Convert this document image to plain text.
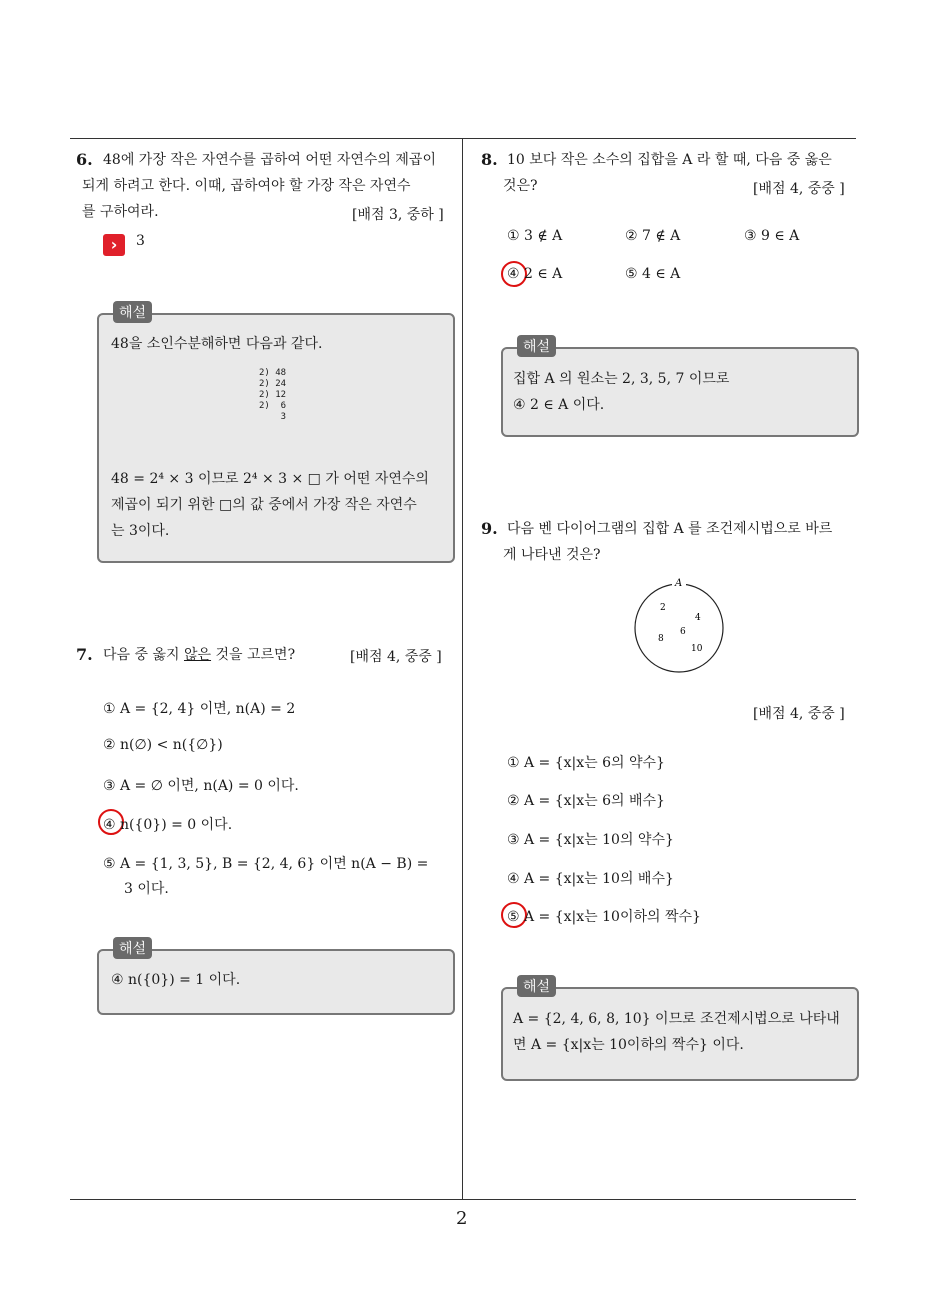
6. 48에 가장 작은 자연수를 곱하여 어떤 자연수의 제곱이
되게 하려고 한다. 이때, 곱하여야 할 가장 작은 자연수
를 구하여라.	[배점 3, 중하 ]
›	3
해설
48을 소인수분해하면 다음과 같다.
2) 48
2) 24
2) 12
2)  6
3
48 = 2⁴ × 3 이므로 2⁴ × 3 × □ 가 어떤 자연수의
제곱이 되기 위한 □의 값 중에서 가장 작은 자연수
는 3이다.
7. 다음 중 옳지 않은 것을 고르면?	[배점 4, 중중 ]
① A = {2, 4} 이면, n(A) = 2
② n(∅) < n({∅})
③ A = ∅ 이면, n(A) = 0 이다.
④ n({0}) = 0 이다.
⑤ A = {1, 3, 5}, B = {2, 4, 6} 이면 n(A − B) =
3 이다.
해설
④ n({0}) = 1 이다.
8. 10 보다 작은 소수의 집합을 A 라 할 때, 다음 중 옳은
것은?	[배점 4, 중중 ]
① 3 ∉ A	② 7 ∉ A	③ 9 ∈ A
④ 2 ∈ A	⑤ 4 ∈ A
해설
집합 A 의 원소는 2, 3, 5, 7 이므로
④ 2 ∈ A 이다.
9. 다음 벤 다이어그램의 집합 A 를 조건제시법으로 바르
게 나타낸 것은?
A
2
4
6
8
10
[배점 4, 중중 ]
① A = {x|x는 6의 약수}
② A = {x|x는 6의 배수}
③ A = {x|x는 10의 약수}
④ A = {x|x는 10의 배수}
⑤ A = {x|x는 10이하의 짝수}
해설
A = {2, 4, 6, 8, 10} 이므로 조건제시법으로 나타내
면 A = {x|x는 10이하의 짝수} 이다.
2
